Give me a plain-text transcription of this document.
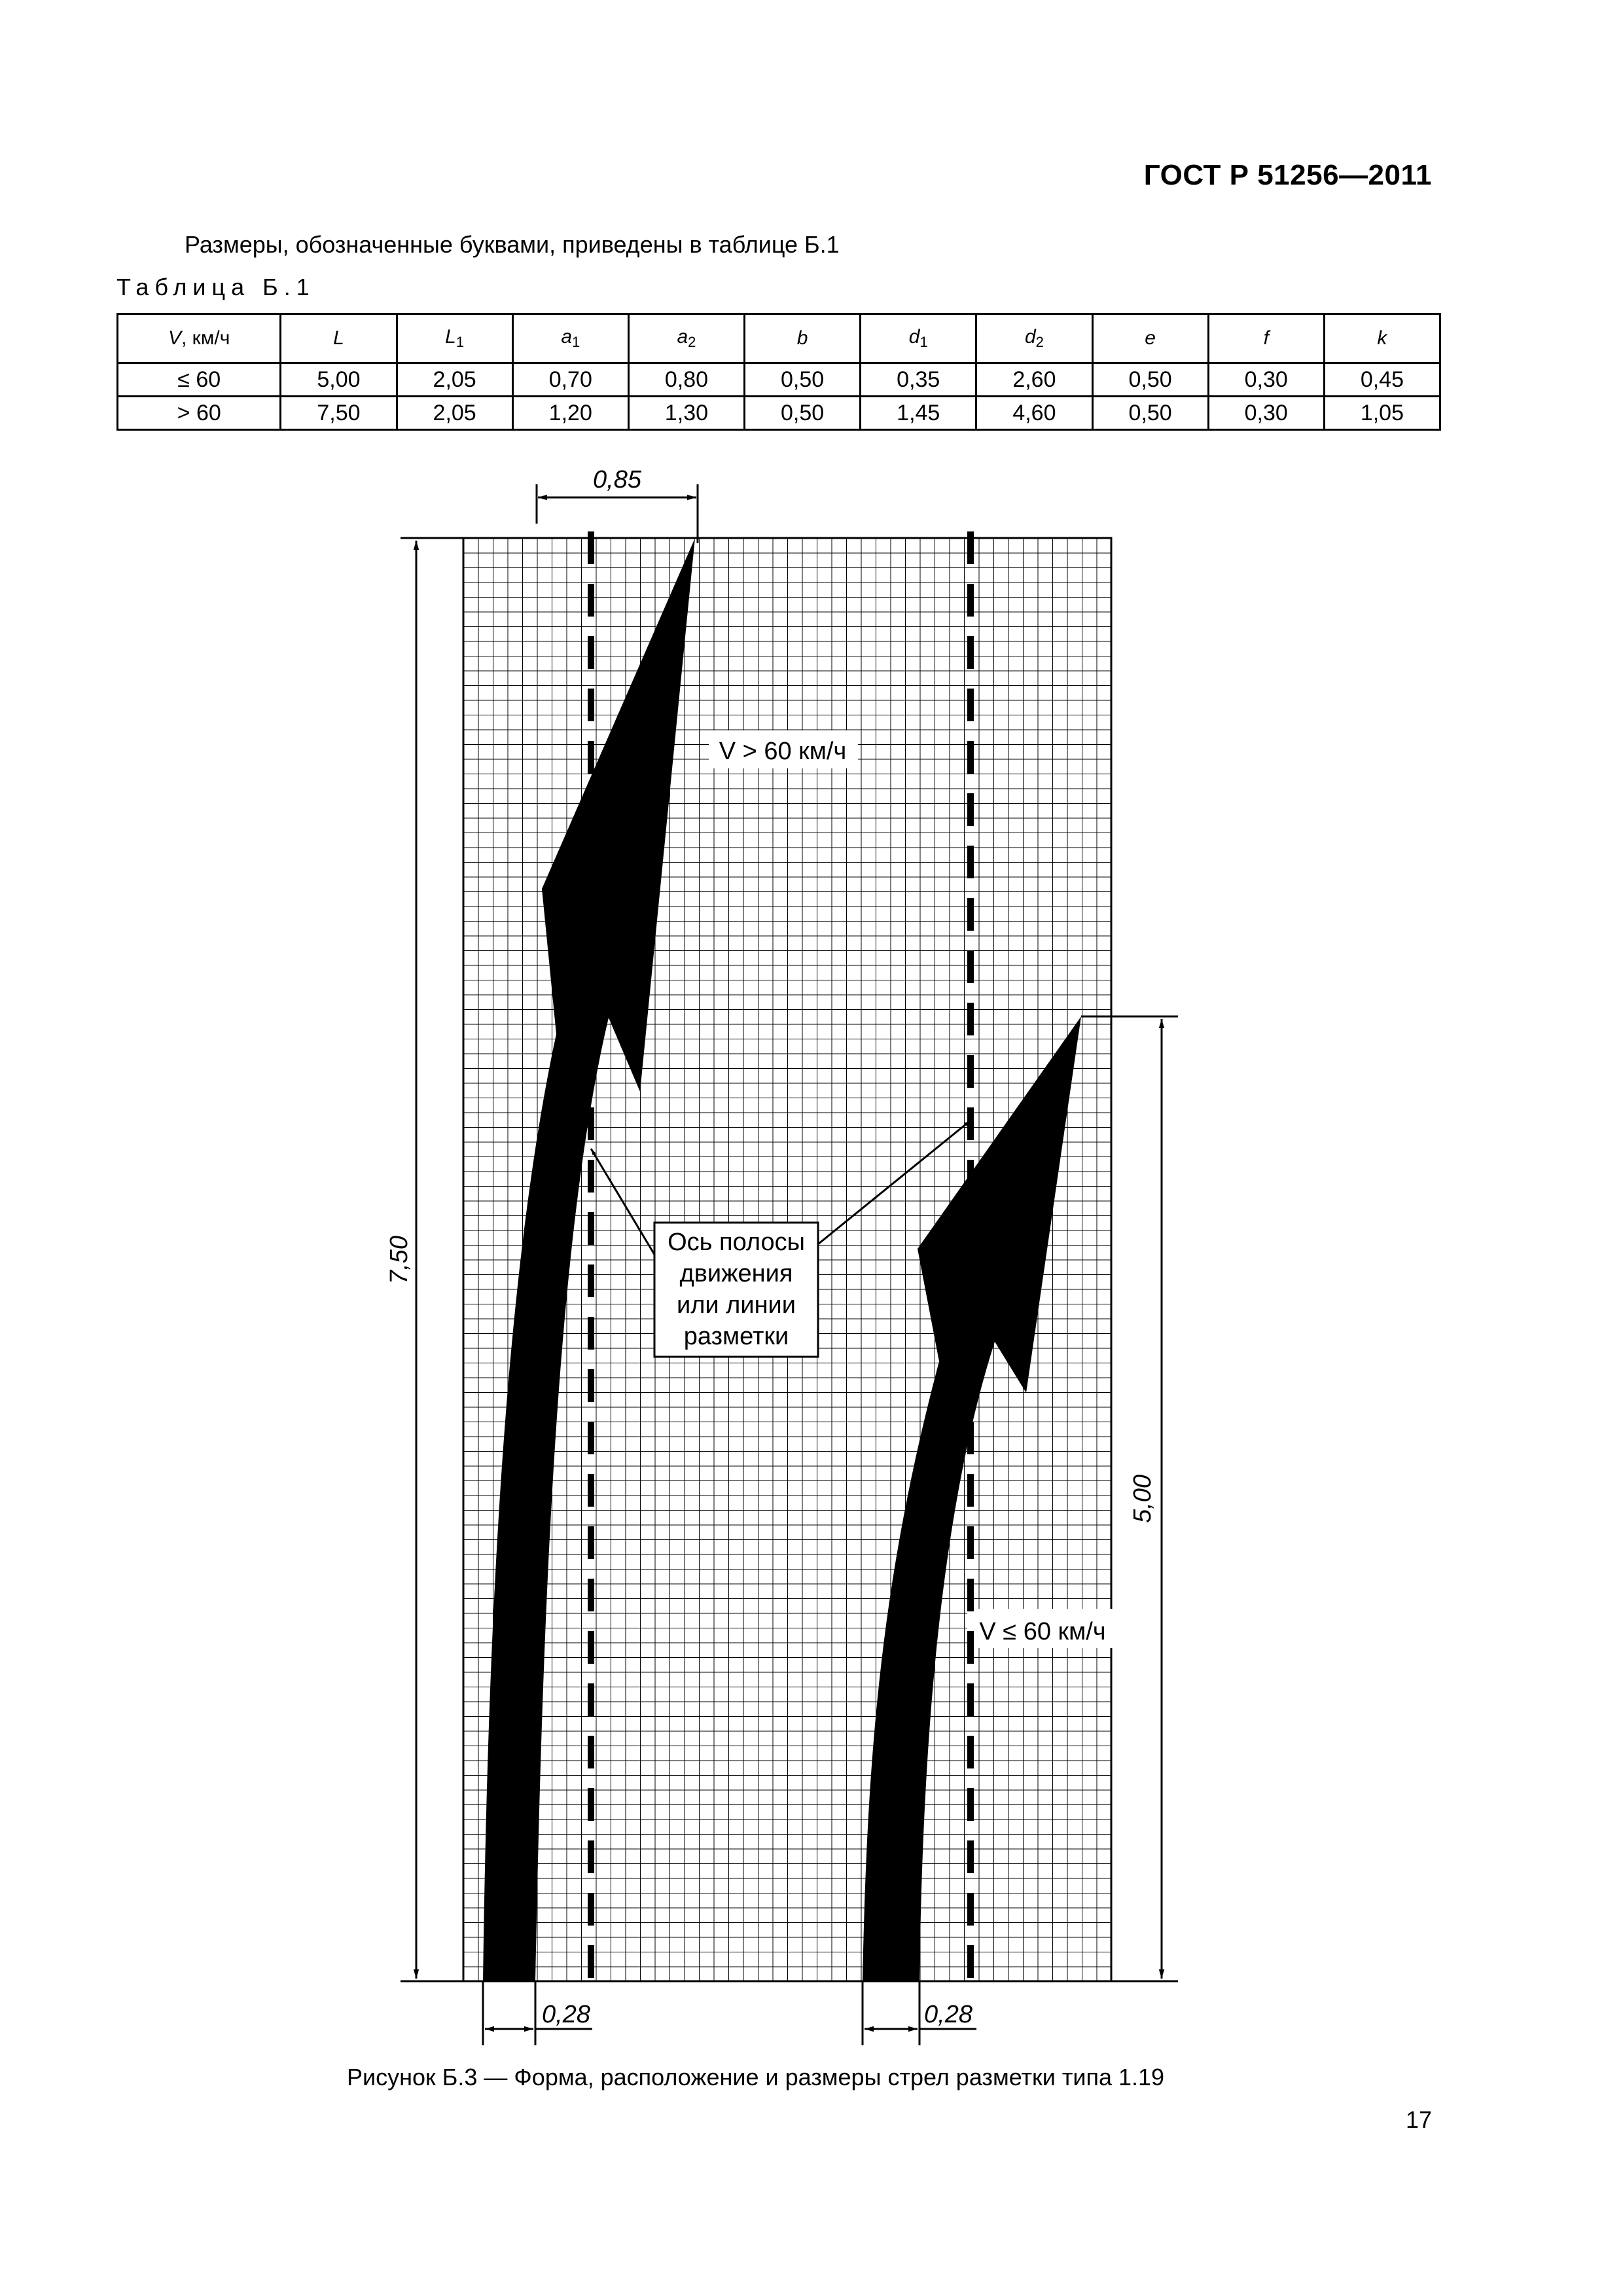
ГОСТ Р 51256—2011
Размеры, обозначенные буквами, приведены в таблице Б.1
Таблица Б.1
V, км/ч	L	$L_1$	$a_1$	$a_2$	b	$d_1$	$d_2$	e	f	k
≤ 60	5,00	2,05	0,70	0,80	0,50	0,35	2,60	0,50	0,30	0,45
> 60	7,50	2,05	1,20	1,30	0,50	1,45	4,60	0,50	0,30	1,05
0,85
7,50
5,00
0,28	0,28
V > 60 км/ч
V ≤ 60 км/ч
Ось полосы
движения
или линии
разметки
Рисунок Б.3 — Форма, расположение и размеры стрел разметки типа 1.19
17
